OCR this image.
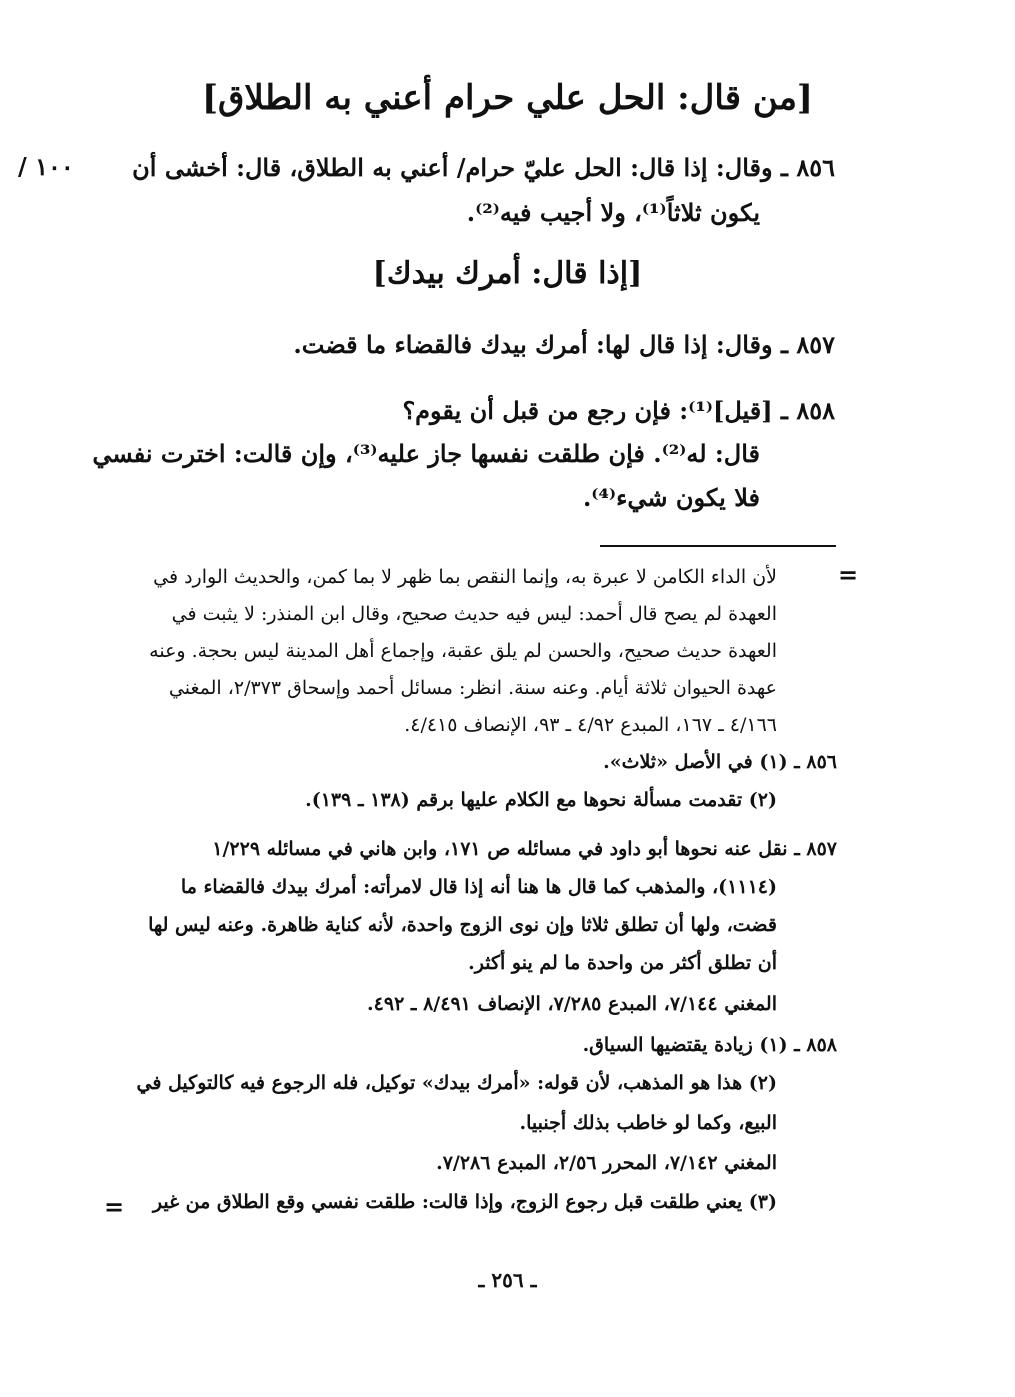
[من قال: الحل علي حرام أعني به الطلاق]
/ ١٠٠ ٨٥٦ ـ وقال: إذا قال: الحل عليّ حرام/ أعني به الطلاق، قال: أخشى أن
يكون ثلاثاً⁽¹⁾، ولا أجيب فيه⁽²⁾.
[إذا قال: أمرك بيدك]
٨٥٧ ـ وقال: إذا قال لها: أمرك بيدك فالقضاء ما قضت.
٨٥٨ ـ [قيل]⁽¹⁾: فإن رجع من قبل أن يقوم؟
قال: له⁽²⁾. فإن طلقت نفسها جاز عليه⁽³⁾، وإن قالت: اخترت نفسي
فلا يكون شيء⁽⁴⁾.
=
لأن الداء الكامن لا عبرة به، وإنما النقص بما ظهر لا بما كمن، والحديث الوارد في
العهدة لم يصح قال أحمد: ليس فيه حديث صحيح، وقال ابن المنذر: لا يثبت في
العهدة حديث صحيح، والحسن لم يلق عقبة، وإجماع أهل المدينة ليس بحجة. وعنه
عهدة الحيوان ثلاثة أيام. وعنه سنة. انظر: مسائل أحمد وإسحاق ٢/٣٧٣، المغني
٤/١٦٦ ـ ١٦٧، المبدع ٤/٩٢ ـ ٩٣، الإنصاف ٤/٤١٥.
٨٥٦ ـ (١) في الأصل «ثلاث».
(٢) تقدمت مسألة نحوها مع الكلام عليها برقم (١٣٨ ـ ١٣٩).
٨٥٧ ـ نقل عنه نحوها أبو داود في مسائله ص ١٧١، وابن هاني في مسائله ١/٢٢٩
(١١١٤)، والمذهب كما قال ها هنا أنه إذا قال لامرأته: أمرك بيدك فالقضاء ما
قضت، ولها أن تطلق ثلاثا وإن نوى الزوج واحدة، لأنه كناية ظاهرة. وعنه ليس لها
أن تطلق أكثر من واحدة ما لم ينو أكثر.
المغني ٧/١٤٤، المبدع ٧/٢٨٥، الإنصاف ٨/٤٩١ ـ ٤٩٢.
٨٥٨ ـ (١) زيادة يقتضيها السياق.
(٢) هذا هو المذهب، لأن قوله: «أمرك بيدك» توكيل، فله الرجوع فيه كالتوكيل في
البيع، وكما لو خاطب بذلك أجنبيا.
المغني ٧/١٤٢، المحرر ٢/٥٦، المبدع ٧/٢٨٦.
(٣) يعني طلقت قبل رجوع الزوج، وإذا قالت: طلقت نفسي وقع الطلاق من غير
=
ـ ٢٥٦ ـ
